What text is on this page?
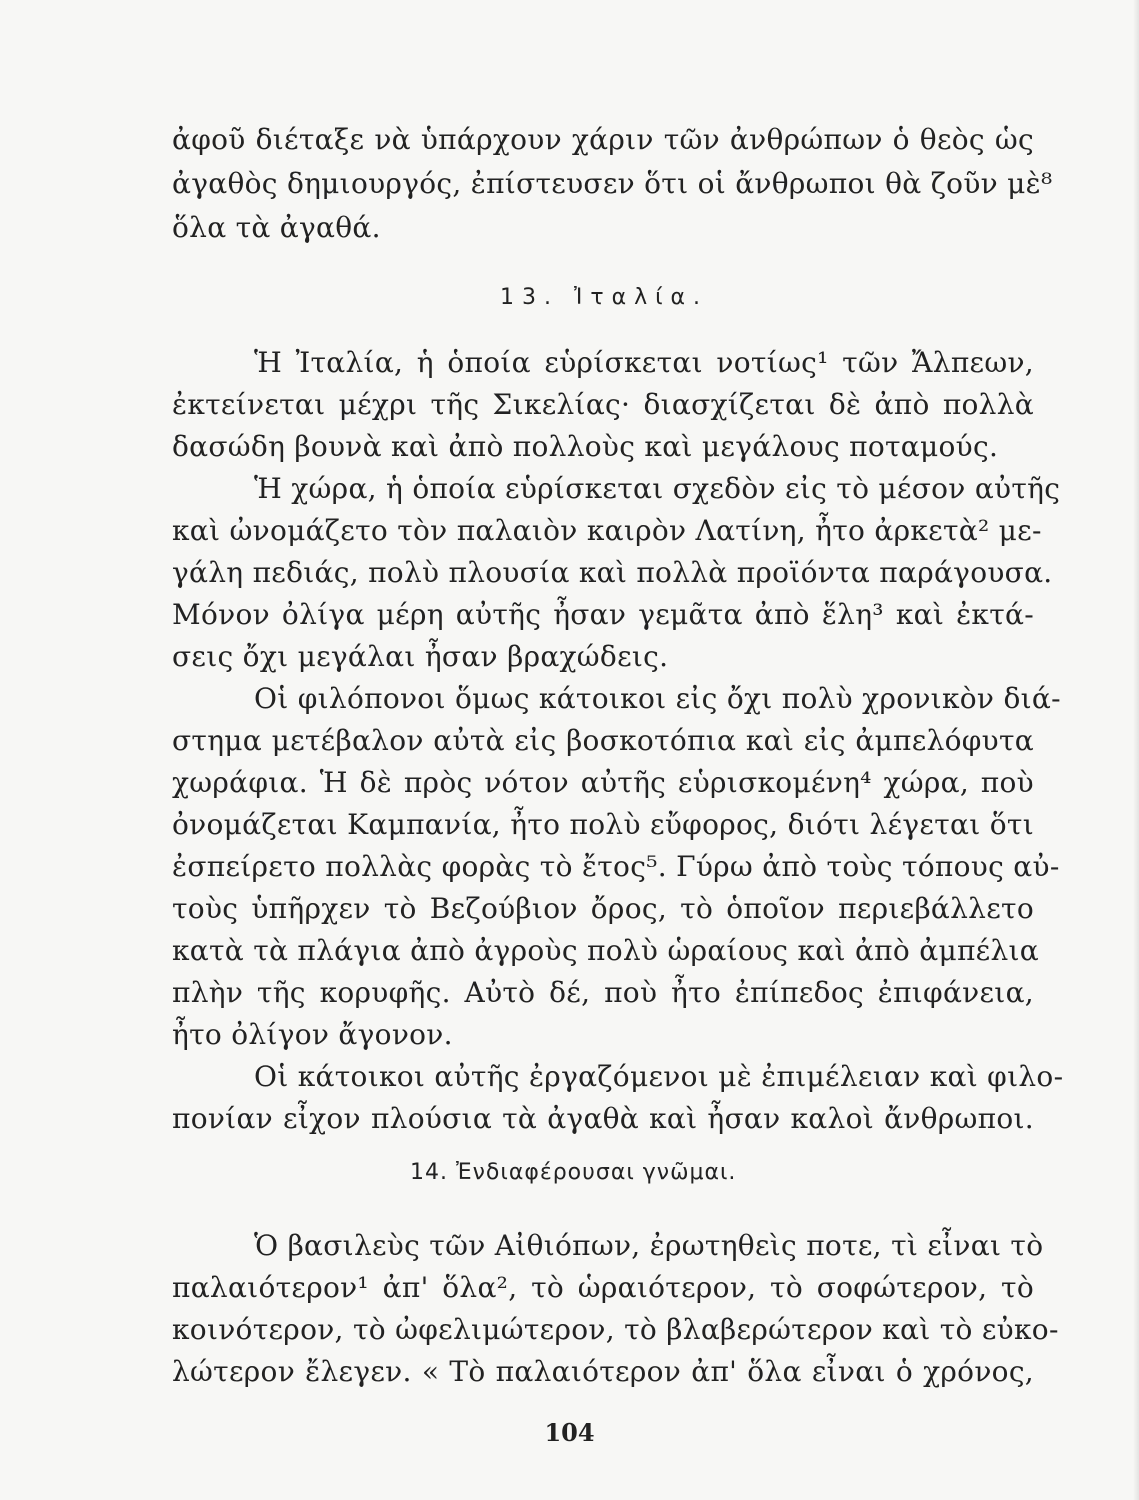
ἀφοῦ διέταξε νὰ ὑπάρχουν χάριν τῶν ἀνθρώπων ὁ θεὸς ὡς
ἀγαθὸς δημιουργός, ἐπίστευσεν ὅτι οἱ ἄνθρωποι θὰ ζοῦν μὲ⁸
ὅλα τὰ ἀγαθά.
13. Ἰταλία.
Ἡ Ἰταλία, ἡ ὁποία εὑρίσκεται νοτίως¹ τῶν Ἄλπεων,
ἐκτείνεται μέχρι τῆς Σικελίας· διασχίζεται δὲ ἀπὸ πολλὰ
δασώδη βουνὰ καὶ ἀπὸ πολλοὺς καὶ μεγάλους ποταμούς.
Ἡ χώρα, ἡ ὁποία εὑρίσκεται σχεδὸν εἰς τὸ μέσον αὐτῆς
καὶ ὠνομάζετο τὸν παλαιὸν καιρὸν Λατίνη, ἦτο ἀρκετὰ² με-
γάλη πεδιάς, πολὺ πλουσία καὶ πολλὰ προϊόντα παράγουσα.
Μόνον ὀλίγα μέρη αὐτῆς ἦσαν γεμᾶτα ἀπὸ ἕλη³ καὶ ἐκτά-
σεις ὄχι μεγάλαι ἦσαν βραχώδεις.
Οἱ φιλόπονοι ὅμως κάτοικοι εἰς ὄχι πολὺ χρονικὸν διά-
στημα μετέβαλον αὐτὰ εἰς βοσκοτόπια καὶ εἰς ἀμπελόφυτα
χωράφια. Ἡ δὲ πρὸς νότον αὐτῆς εὑρισκομένη⁴ χώρα, ποὺ
ὀνομάζεται Καμπανία, ἦτο πολὺ εὔφορος, διότι λέγεται ὅτι
ἐσπείρετο πολλὰς φορὰς τὸ ἔτος⁵. Γύρω ἀπὸ τοὺς τόπους αὐ-
τοὺς ὑπῆρχεν τὸ Βεζούβιον ὄρος, τὸ ὁποῖον περιεβάλλετο
κατὰ τὰ πλάγια ἀπὸ ἀγροὺς πολὺ ὡραίους καὶ ἀπὸ ἀμπέλια
πλὴν τῆς κορυφῆς. Αὐτὸ δέ, ποὺ ἦτο ἐπίπεδος ἐπιφάνεια,
ἦτο ὀλίγον ἄγονον.
Οἱ κάτοικοι αὐτῆς ἐργαζόμενοι μὲ ἐπιμέλειαν καὶ φιλο-
πονίαν εἶχον πλούσια τὰ ἀγαθὰ καὶ ἦσαν καλοὶ ἄνθρωποι.
14. Ἐνδιαφέρουσαι γνῶμαι.
Ὁ βασιλεὺς τῶν Αἰθιόπων, ἐρωτηθεὶς ποτε, τὶ εἶναι τὸ
παλαιότερον¹ ἀπ' ὅλα², τὸ ὡραιότερον, τὸ σοφώτερον, τὸ
κοινότερον, τὸ ὠφελιμώτερον, τὸ βλαβερώτερον καὶ τὸ εὐκο-
λώτερον ἔλεγεν. « Τὸ παλαιότερον ἀπ' ὅλα εἶναι ὁ χρόνος,
104
